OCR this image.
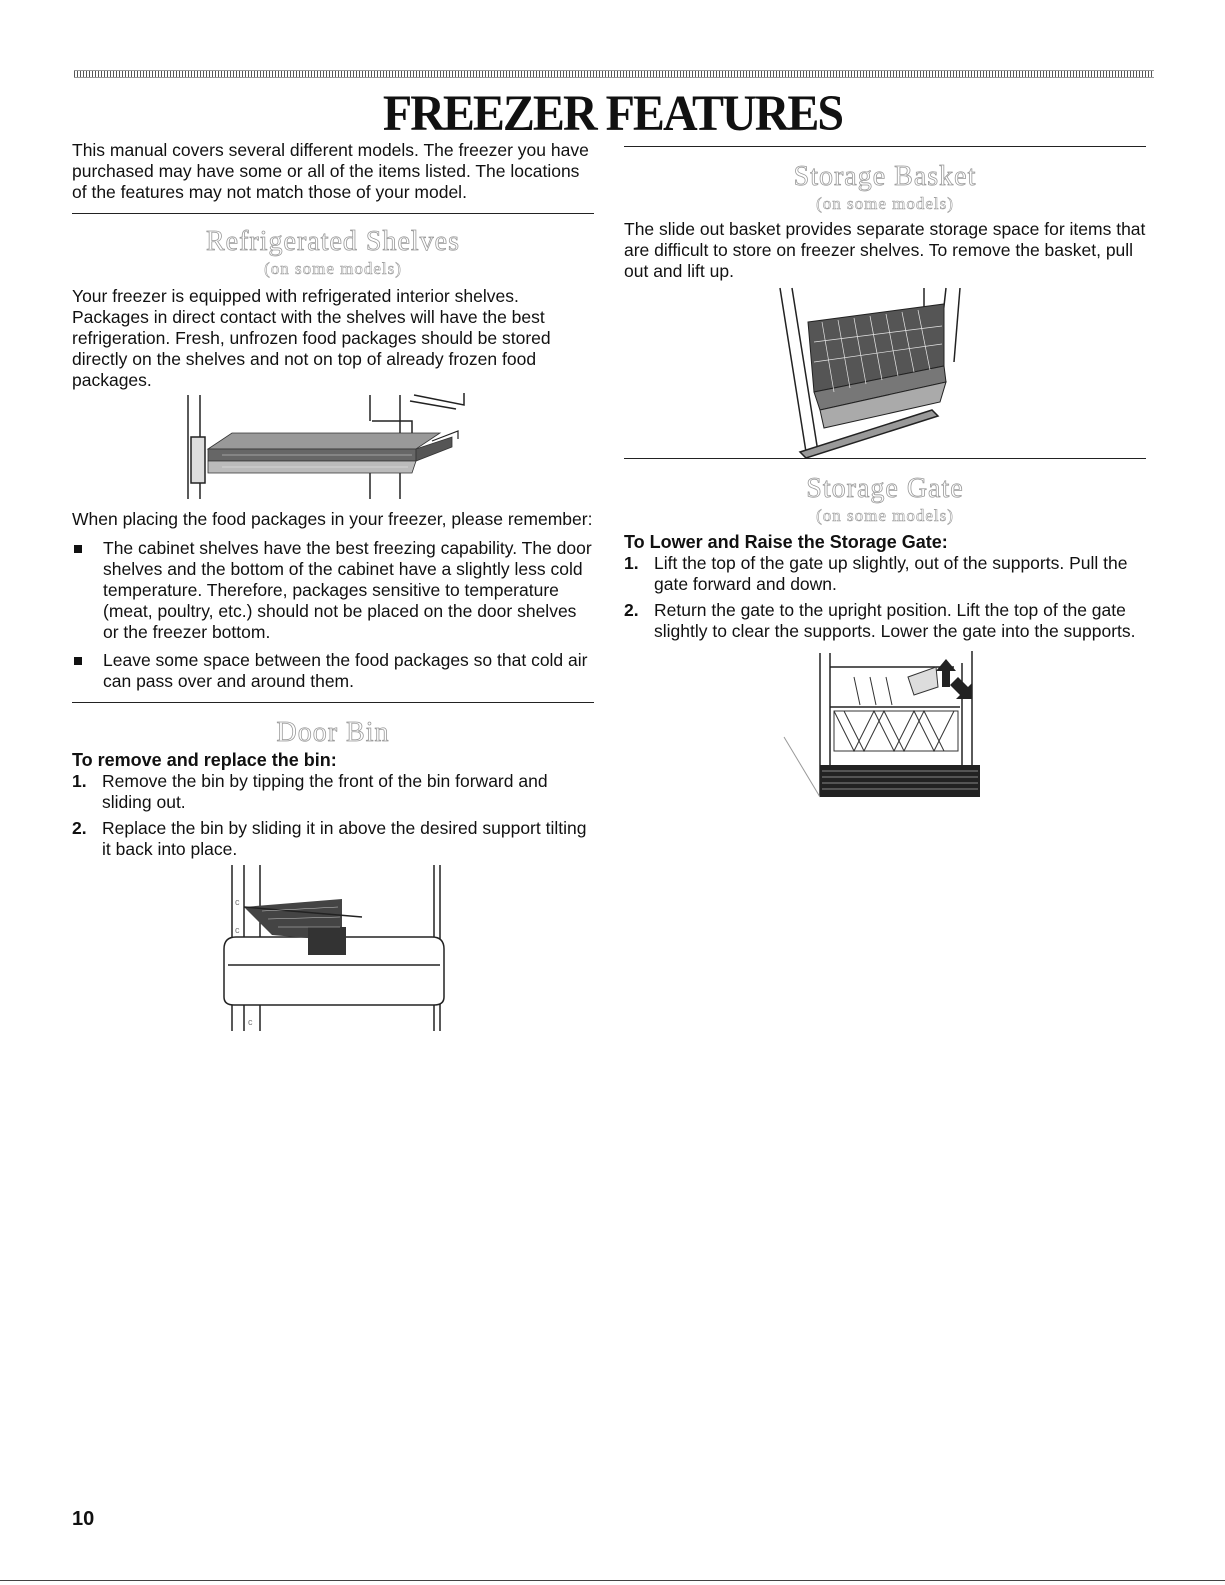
FREEZER FEATURES

This manual covers several different models. The freezer you have purchased may have some or all of the items listed. The locations of the features may not match those of your model.

Refrigerated Shelves
(on some models)

Your freezer is equipped with refrigerated interior shelves. Packages in direct contact with the shelves will have the best refrigeration. Fresh, unfrozen food packages should be stored directly on the shelves and not on top of already frozen food packages.

When placing the food packages in your freezer, please remember:

The cabinet shelves have the best freezing capability. The door shelves and the bottom of the cabinet have a slightly less cold temperature. Therefore, packages sensitive to temperature (meat, poultry, etc.) should not be placed on the door shelves or the freezer bottom.
Leave some space between the food packages so that cold air can pass over and around them.
Door Bin
To remove and replace the bin:
1. Remove the bin by tipping the front of the bin forward and sliding out.
2. Replace the bin by sliding it in above the desired support tilting it back into place.
c
c
c
Storage Basket
(on some models)

The slide out basket provides separate storage space for items that are difficult to store on freezer shelves. To remove the basket, pull out and lift up.

Storage Gate
(on some models)
To Lower and Raise the Storage Gate:
1. Lift the top of the gate up slightly, out of the supports. Pull the gate forward and down.
2. Return the gate to the upright position. Lift the top of the gate slightly to clear the supports. Lower the gate into the supports.
10
